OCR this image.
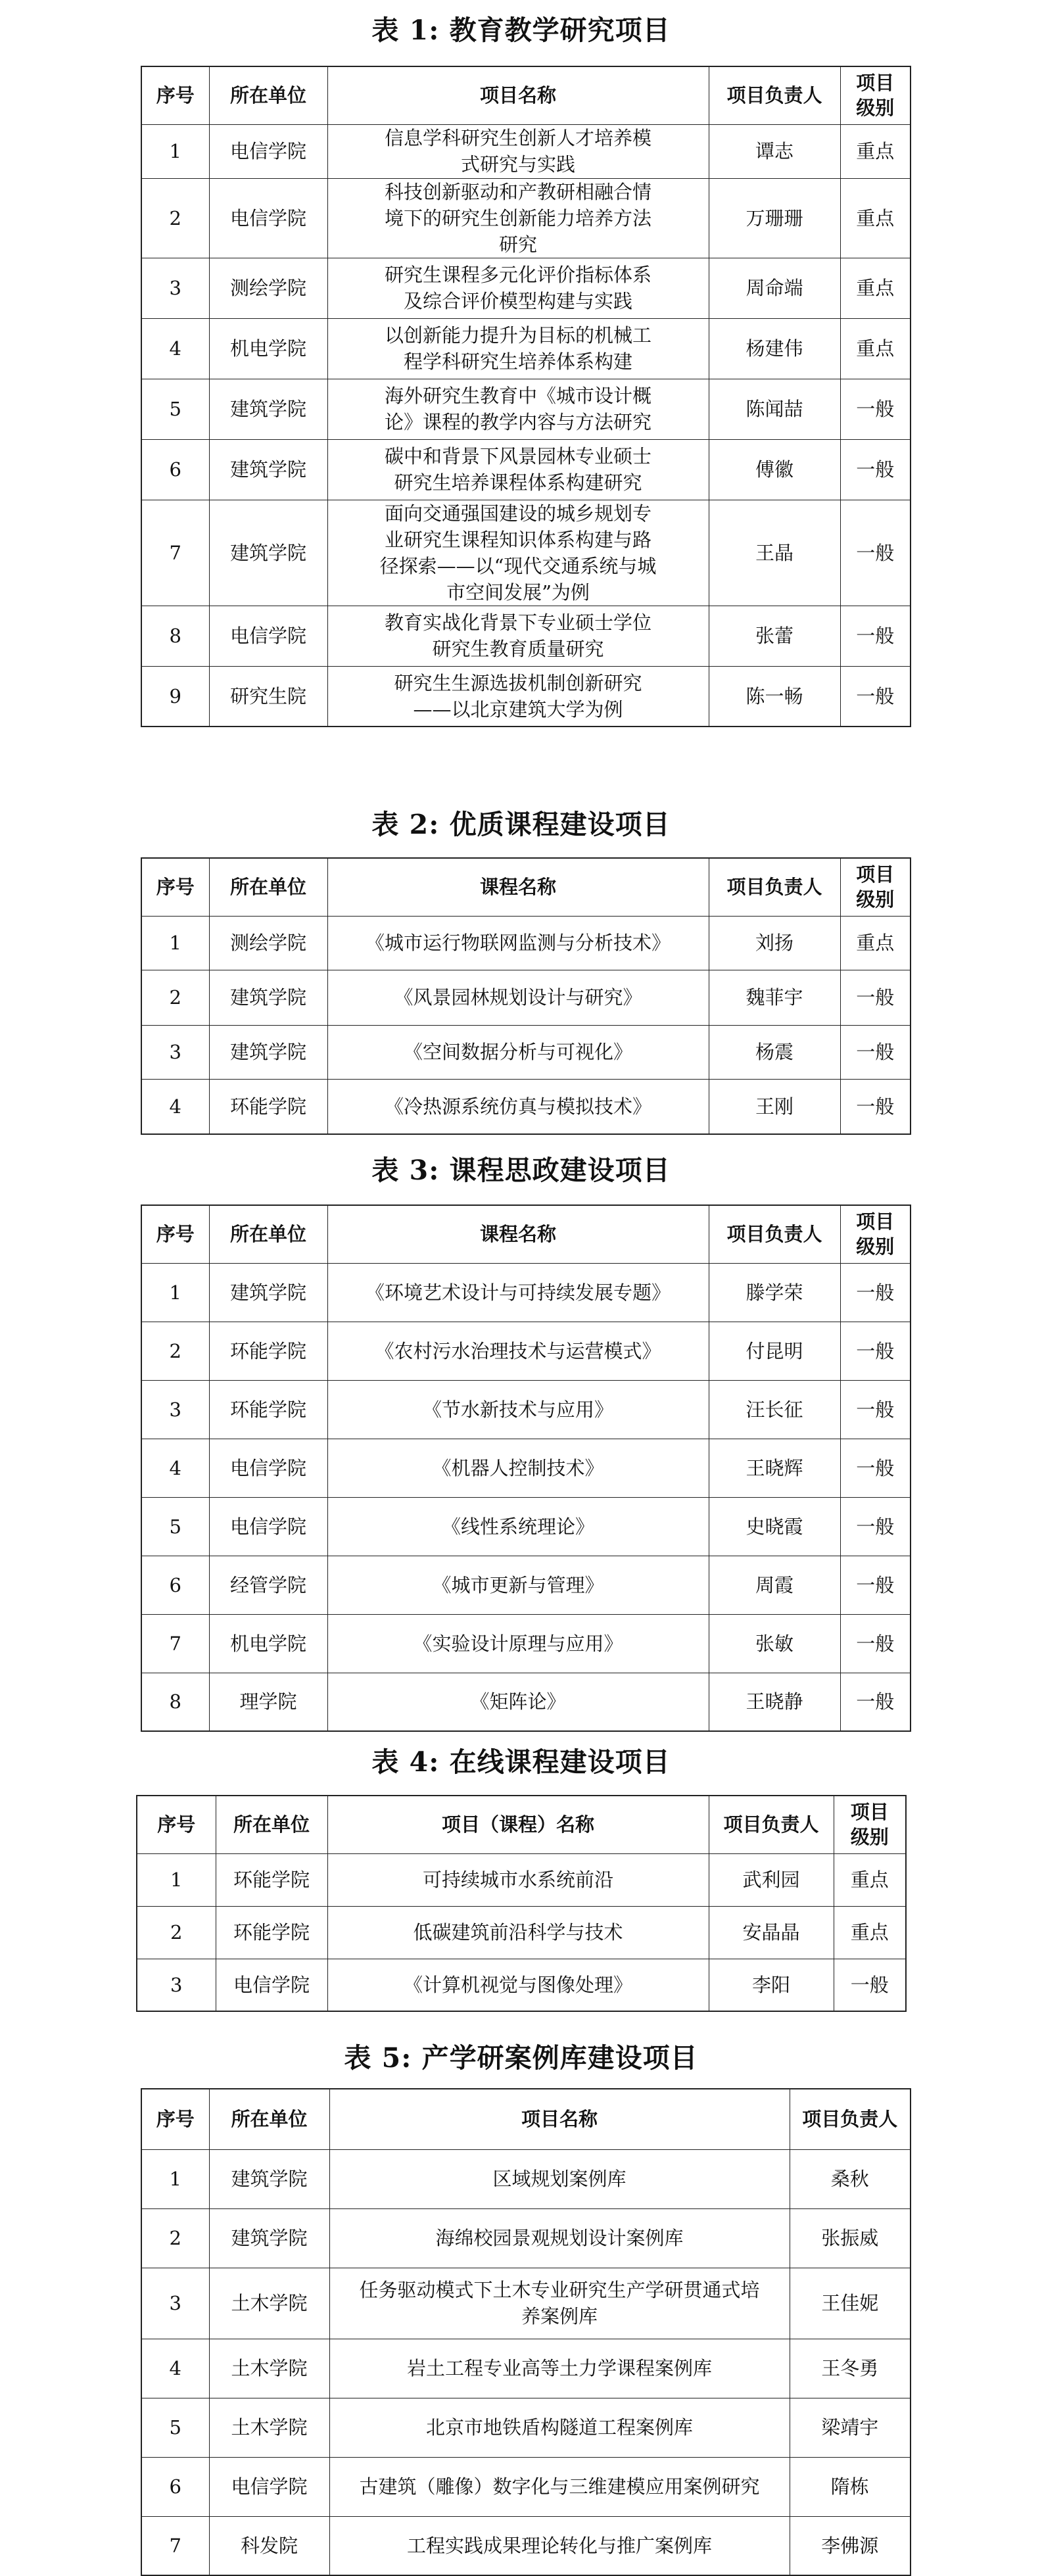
表 1: 教育教学研究项目
序号	所在单位	项目名称	项目负责人	项目级别
1	电信学院	信息学科研究生创新人才培养模式研究与实践	谭志	重点
2	电信学院	科技创新驱动和产教研相融合情境下的研究生创新能力培养方法研究	万珊珊	重点
3	测绘学院	研究生课程多元化评价指标体系及综合评价模型构建与实践	周命端	重点
4	机电学院	以创新能力提升为目标的机械工程学科研究生培养体系构建	杨建伟	重点
5	建筑学院	海外研究生教育中《城市设计概论》课程的教学内容与方法研究	陈闻喆	一般
6	建筑学院	碳中和背景下风景园林专业硕士研究生培养课程体系构建研究	傅徽	一般
7	建筑学院	面向交通强国建设的城乡规划专业研究生课程知识体系构建与路径探索——以“现代交通系统与城市空间发展”为例	王晶	一般
8	电信学院	教育实战化背景下专业硕士学位研究生教育质量研究	张蕾	一般
9	研究生院	研究生生源选拔机制创新研究——以北京建筑大学为例	陈一畅	一般
表 2: 优质课程建设项目
序号	所在单位	课程名称	项目负责人	项目级别
1	测绘学院	《城市运行物联网监测与分析技术》	刘扬	重点
2	建筑学院	《风景园林规划设计与研究》	魏菲宇	一般
3	建筑学院	《空间数据分析与可视化》	杨震	一般
4	环能学院	《冷热源系统仿真与模拟技术》	王刚	一般
表 3: 课程思政建设项目
序号	所在单位	课程名称	项目负责人	项目级别
1	建筑学院	《环境艺术设计与可持续发展专题》	滕学荣	一般
2	环能学院	《农村污水治理技术与运营模式》	付昆明	一般
3	环能学院	《节水新技术与应用》	汪长征	一般
4	电信学院	《机器人控制技术》	王晓辉	一般
5	电信学院	《线性系统理论》	史晓霞	一般
6	经管学院	《城市更新与管理》	周霞	一般
7	机电学院	《实验设计原理与应用》	张敏	一般
8	理学院	《矩阵论》	王晓静	一般
表 4: 在线课程建设项目
序号	所在单位	项目（课程）名称	项目负责人	项目级别
1	环能学院	可持续城市水系统前沿	武利园	重点
2	环能学院	低碳建筑前沿科学与技术	安晶晶	重点
3	电信学院	《计算机视觉与图像处理》	李阳	一般
表 5: 产学研案例库建设项目
序号	所在单位	项目名称	项目负责人
1	建筑学院	区域规划案例库	桑秋
2	建筑学院	海绵校园景观规划设计案例库	张振威
3	土木学院	任务驱动模式下土木专业研究生产学研贯通式培养案例库	王佳妮
4	土木学院	岩土工程专业高等土力学课程案例库	王冬勇
5	土木学院	北京市地铁盾构隧道工程案例库	梁靖宇
6	电信学院	古建筑（雕像）数字化与三维建模应用案例研究	隋栋
7	科发院	工程实践成果理论转化与推广案例库	李佛源
